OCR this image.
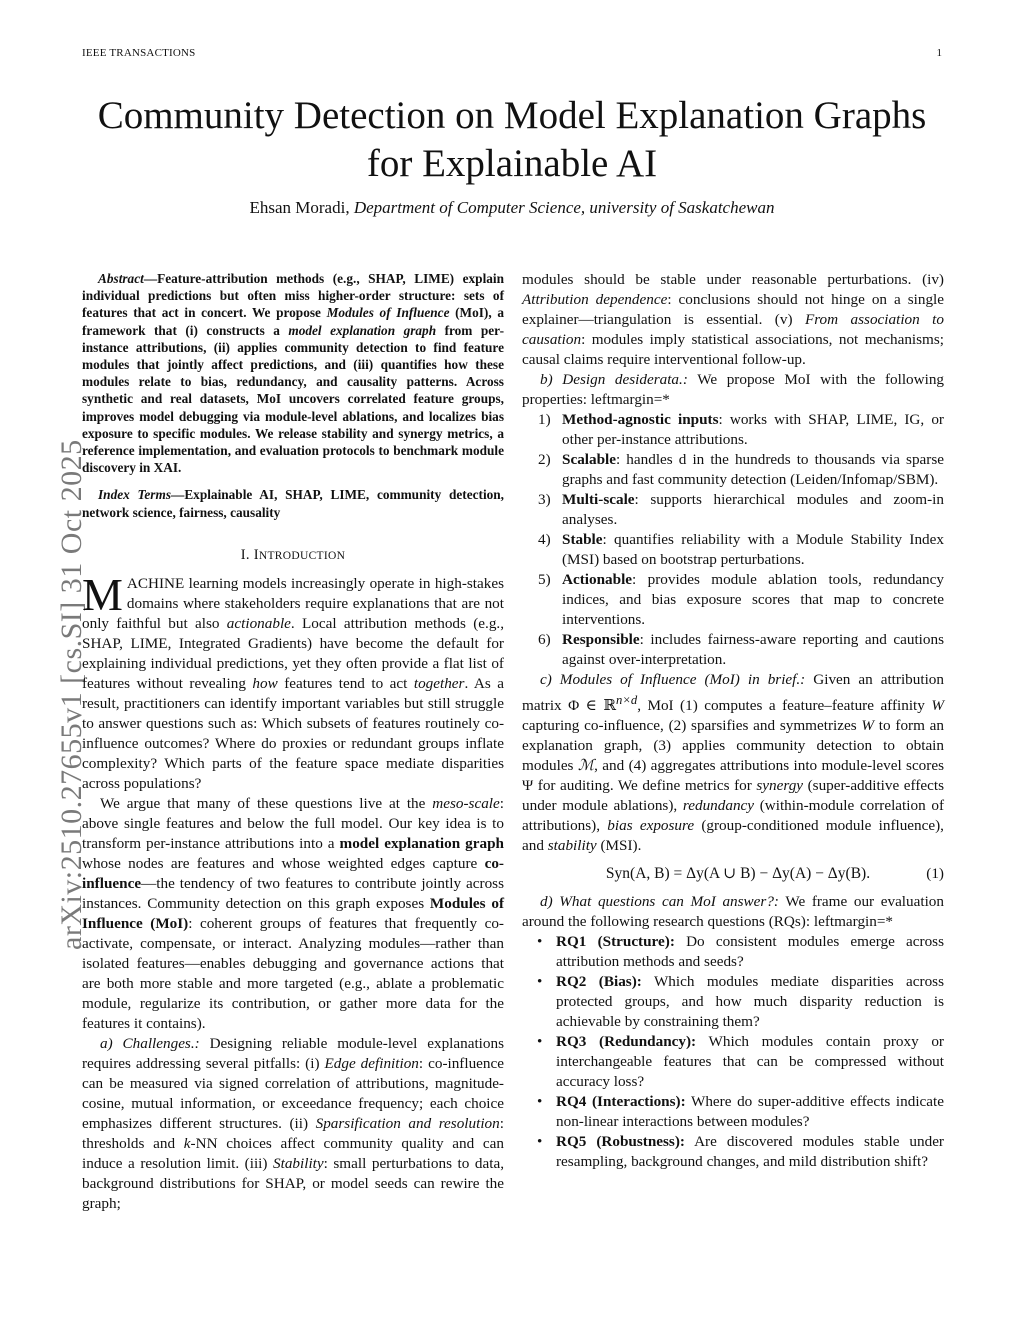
IEEE TRANSACTIONS	1
Community Detection on Model Explanation Graphs
for Explainable AI
Ehsan Moradi, Department of Computer Science, university of Saskatchewan
arXiv:2510.27655v1 [cs.SI] 31 Oct 2025

Abstract—Feature-attribution methods (e.g., SHAP, LIME) explain individual predictions but often miss higher-order structure: sets of features that act in concert. We propose Modules of Influence (MoI), a framework that (i) constructs a model explanation graph from per-instance attributions, (ii) applies community detection to find feature modules that jointly affect predictions, and (iii) quantifies how these modules relate to bias, redundancy, and causality patterns. Across synthetic and real datasets, MoI uncovers correlated feature groups, improves model debugging via module-level ablations, and localizes bias exposure to specific modules. We release stability and synergy metrics, a reference implementation, and evaluation protocols to benchmark module discovery in XAI.

Index Terms—Explainable AI, SHAP, LIME, community detection, network science, fairness, causality

I. INTRODUCTION

MACHINE learning models increasingly operate in high-stakes domains where stakeholders require explanations that are not only faithful but also actionable. Local attribution methods (e.g., SHAP, LIME, Integrated Gradients) have become the default for explaining individual predictions, yet they often provide a flat list of features without revealing how features tend to act together. As a result, practitioners can identify important variables but still struggle to answer questions such as: Which subsets of features routinely co-influence outcomes? Where do proxies or redundant groups inflate complexity? Which parts of the feature space mediate disparities across populations?

We argue that many of these questions live at the meso-scale: above single features and below the full model. Our key idea is to transform per-instance attributions into a model explanation graph whose nodes are features and whose weighted edges capture co-influence—the tendency of two features to contribute jointly across instances. Community detection on this graph exposes Modules of Influence (MoI): coherent groups of features that frequently co-activate, compensate, or interact. Analyzing modules—rather than isolated features—enables debugging and governance actions that are both more stable and more targeted (e.g., ablate a problematic module, regularize its contribution, or gather more data for the features it contains).

a) Challenges.: Designing reliable module-level explanations requires addressing several pitfalls: (i) Edge definition: co-influence can be measured via signed correlation of attributions, magnitude-cosine, mutual information, or exceedance frequency; each choice emphasizes different structures. (ii) Sparsification and resolution: thresholds and k-NN choices affect community quality and can induce a resolution limit. (iii) Stability: small perturbations to data, background distributions for SHAP, or model seeds can rewire the graph;

modules should be stable under reasonable perturbations. (iv) Attribution dependence: conclusions should not hinge on a single explainer—triangulation is essential. (v) From association to causation: modules imply statistical associations, not mechanisms; causal claims require interventional follow-up.

b) Design desiderata.: We propose MoI with the following properties: leftmargin=*

1) Method-agnostic inputs: works with SHAP, LIME, IG, or other per-instance attributions.
2) Scalable: handles d in the hundreds to thousands via sparse graphs and fast community detection (Leiden/Infomap/SBM).
3) Multi-scale: supports hierarchical modules and zoom-in analyses.
4) Stable: quantifies reliability with a Module Stability Index (MSI) based on bootstrap perturbations.
5) Actionable: provides module ablation tools, redundancy indices, and bias exposure scores that map to concrete interventions.
6) Responsible: includes fairness-aware reporting and cautions against over-interpretation.

c) Modules of Influence (MoI) in brief.: Given an attribution matrix Φ ∈ ℝ$^{n\times d}$, MoI (1) computes a feature–feature affinity W capturing co-influence, (2) sparsifies and symmetrizes W to form an explanation graph, (3) applies community detection to obtain modules ℳ, and (4) aggregates attributions into module-level scores Ψ for auditing. We define metrics for synergy (super-additive effects under module ablations), redundancy (within-module correlation of attributions), bias exposure (group-conditioned module influence), and stability (MSI).

Syn(A, B) = Δy(A ∪ B) − Δy(A) − Δy(B).	(1)

d) What questions can MoI answer?: We frame our evaluation around the following research questions (RQs): leftmargin=*

• RQ1 (Structure): Do consistent modules emerge across attribution methods and seeds?
• RQ2 (Bias): Which modules mediate disparities across protected groups, and how much disparity reduction is achievable by constraining them?
• RQ3 (Redundancy): Which modules contain proxy or interchangeable features that can be compressed without accuracy loss?
• RQ4 (Interactions): Where do super-additive effects indicate non-linear interactions between modules?
• RQ5 (Robustness): Are discovered modules stable under resampling, background changes, and mild distribution shift?
